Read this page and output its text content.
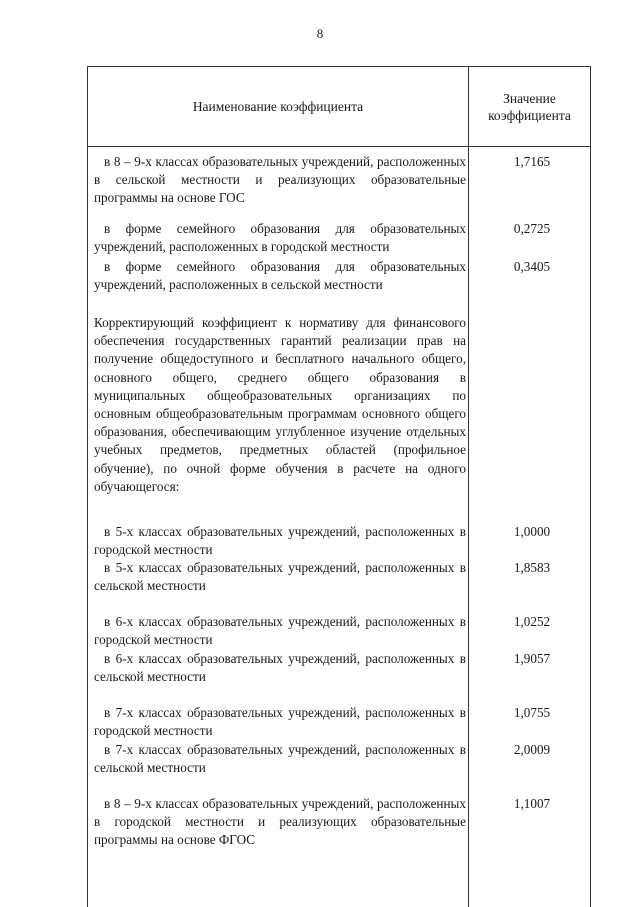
8
Наименование коэффициента
Значение коэффициента
в 8 – 9-х классах образовательных учреждений, расположенных в сельской местности и реализующих образовательные программы на основе ГОС
1,7165
в форме семейного образования для образовательных учреждений, расположенных в городской местности
0,2725
в форме семейного образования для образовательных учреждений, расположенных в сельской местности
0,3405
Корректирующий коэффициент к нормативу для финансового обеспечения государственных гарантий реализации прав на получение общедоступного и бесплатного начального общего, основного общего, среднего общего образования в муниципальных общеобразовательных организациях по основным общеобразовательным программам основного общего образования, обеспечивающим углубленное изучение отдельных учебных предметов, предметных областей (профильное обучение), по очной форме обучения в расчете на одного обучающегося:
в 5-х классах образовательных учреждений, расположенных в городской местности
1,0000
в 5-х классах образовательных учреждений, расположенных в сельской местности
1,8583
в 6-х классах образовательных учреждений, расположенных в городской местности
1,0252
в 6-х классах образовательных учреждений, расположенных в сельской местности
1,9057
в 7-х классах образовательных учреждений, расположенных в городской местности
1,0755
в 7-х классах образовательных учреждений, расположенных в сельской местности
2,0009
в 8 – 9-х классах образовательных учреждений, расположенных в городской местности и реализующих образовательные программы на основе ФГОС
1,1007
